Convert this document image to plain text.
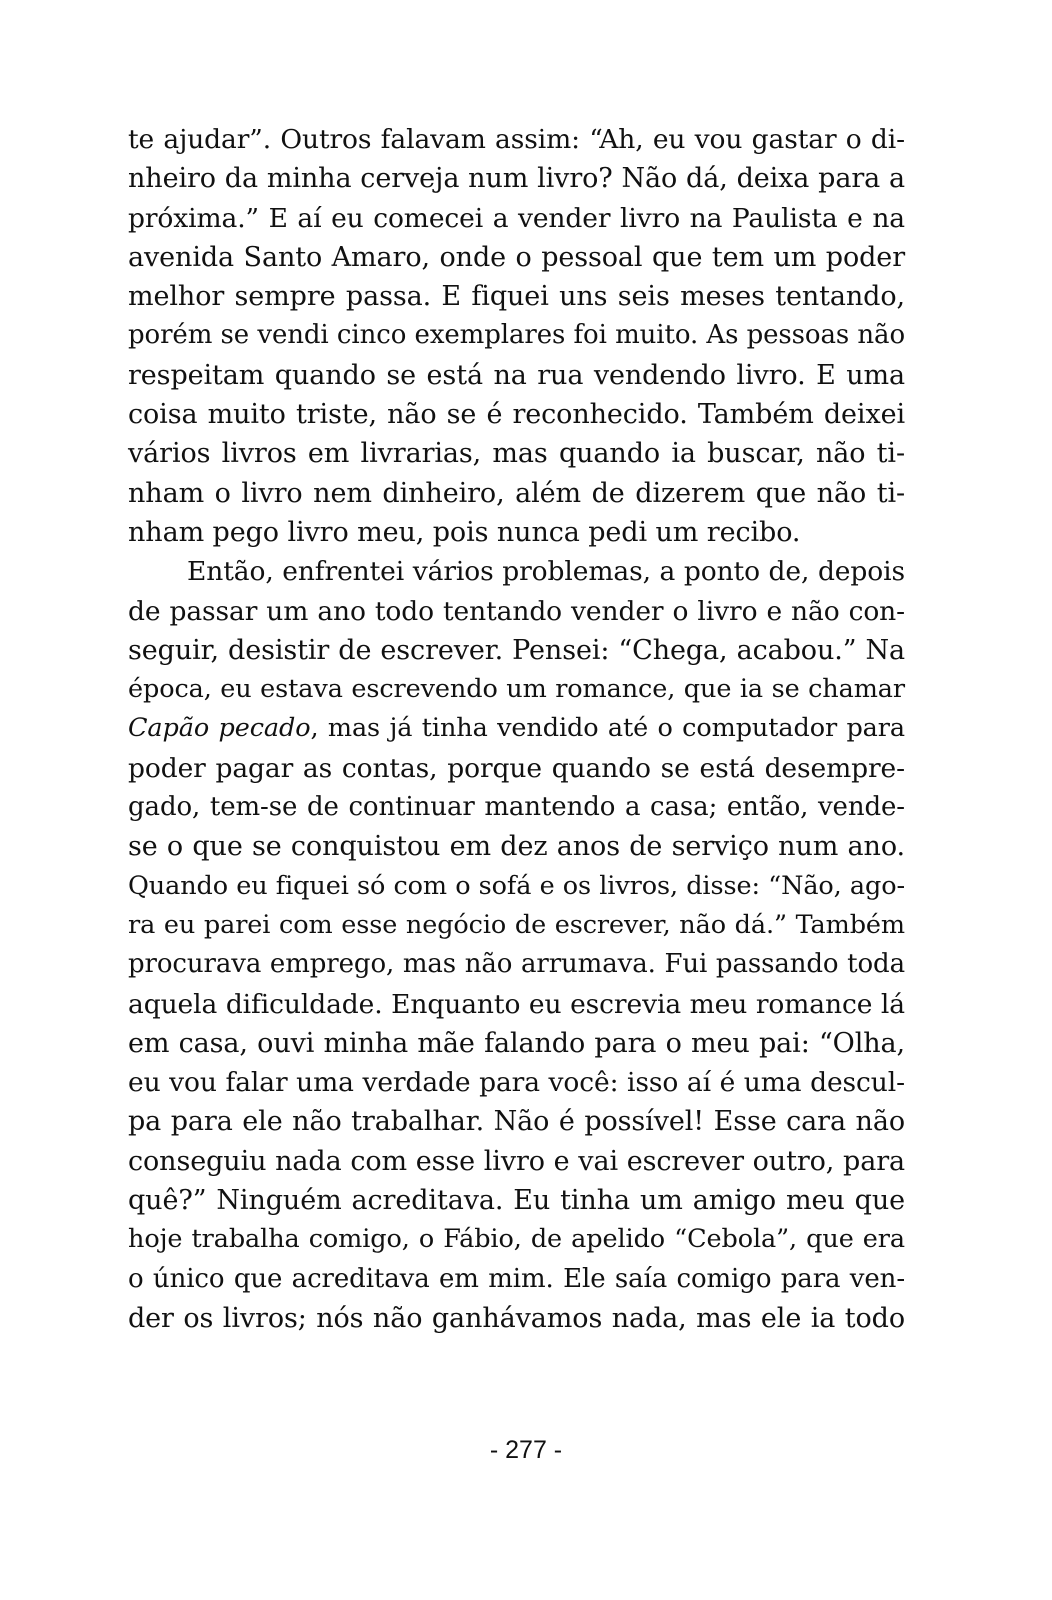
te ajudar”. Outros falavam assim: “Ah, eu vou gastar o di-
nheiro da minha cerveja num livro? Não dá, deixa para a
próxima.” E aí eu comecei a vender livro na Paulista e na
avenida Santo Amaro, onde o pessoal que tem um poder
melhor sempre passa. E fiquei uns seis meses tentando,
porém se vendi cinco exemplares foi muito. As pessoas não
respeitam quando se está na rua vendendo livro. E uma
coisa muito triste, não se é reconhecido. Também deixei
vários livros em livrarias, mas quando ia buscar, não ti-
nham o livro nem dinheiro, além de dizerem que não ti-
nham pego livro meu, pois nunca pedi um recibo.
Então, enfrentei vários problemas, a ponto de, depois
de passar um ano todo tentando vender o livro e não con-
seguir, desistir de escrever. Pensei: “Chega, acabou.” Na
época, eu estava escrevendo um romance, que ia se chamar
Capão pecado, mas já tinha vendido até o computador para
poder pagar as contas, porque quando se está desempre-
gado, tem-se de continuar mantendo a casa; então, vende-
se o que se conquistou em dez anos de serviço num ano.
Quando eu fiquei só com o sofá e os livros, disse: “Não, ago-
ra eu parei com esse negócio de escrever, não dá.” Também
procurava emprego, mas não arrumava. Fui passando toda
aquela dificuldade. Enquanto eu escrevia meu romance lá
em casa, ouvi minha mãe falando para o meu pai: “Olha,
eu vou falar uma verdade para você: isso aí é uma descul-
pa para ele não trabalhar. Não é possível! Esse cara não
conseguiu nada com esse livro e vai escrever outro, para
quê?” Ninguém acreditava. Eu tinha um amigo meu que
hoje trabalha comigo, o Fábio, de apelido “Cebola”, que era
o único que acreditava em mim. Ele saía comigo para ven-
der os livros; nós não ganhávamos nada, mas ele ia todo
- 277 -
